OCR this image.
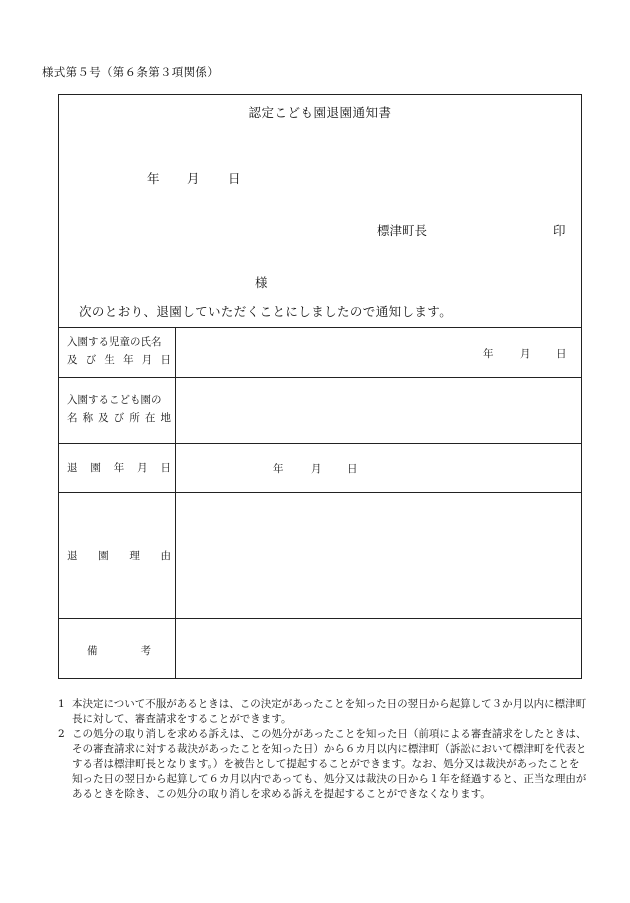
様式第５号（第６条第３項関係）
認定こども園退園通知書
年 月 日
標津町長	印
様
次のとおり、退園していただくことにしましたので通知します。
入園する児童の氏名
及 び 生 年 月 日	年	月 日
入園するこども園の
名 称 及 び 所 在 地
退 園 年 月 日	年	月 日
退 園 理 由
備	考
1 本決定について不服があるときは、この決定があったことを知った日の翌日から起算して３か月以内に標津町長に対して、審査請求をすることができます。
2 この処分の取り消しを求める訴えは、この処分があったことを知った日（前項による審査請求をしたときは、その審査請求に対する裁決があったことを知った日）から６カ月以内に標津町（訴訟において標津町を代表とする者は標津町長となります。）を被告として提起することができます。なお、処分又は裁決があったことを知った日の翌日から起算して６カ月以内であっても、処分又は裁決の日から１年を経過すると、正当な理由があるときを除き、この処分の取り消しを求める訴えを提起することができなくなります。
